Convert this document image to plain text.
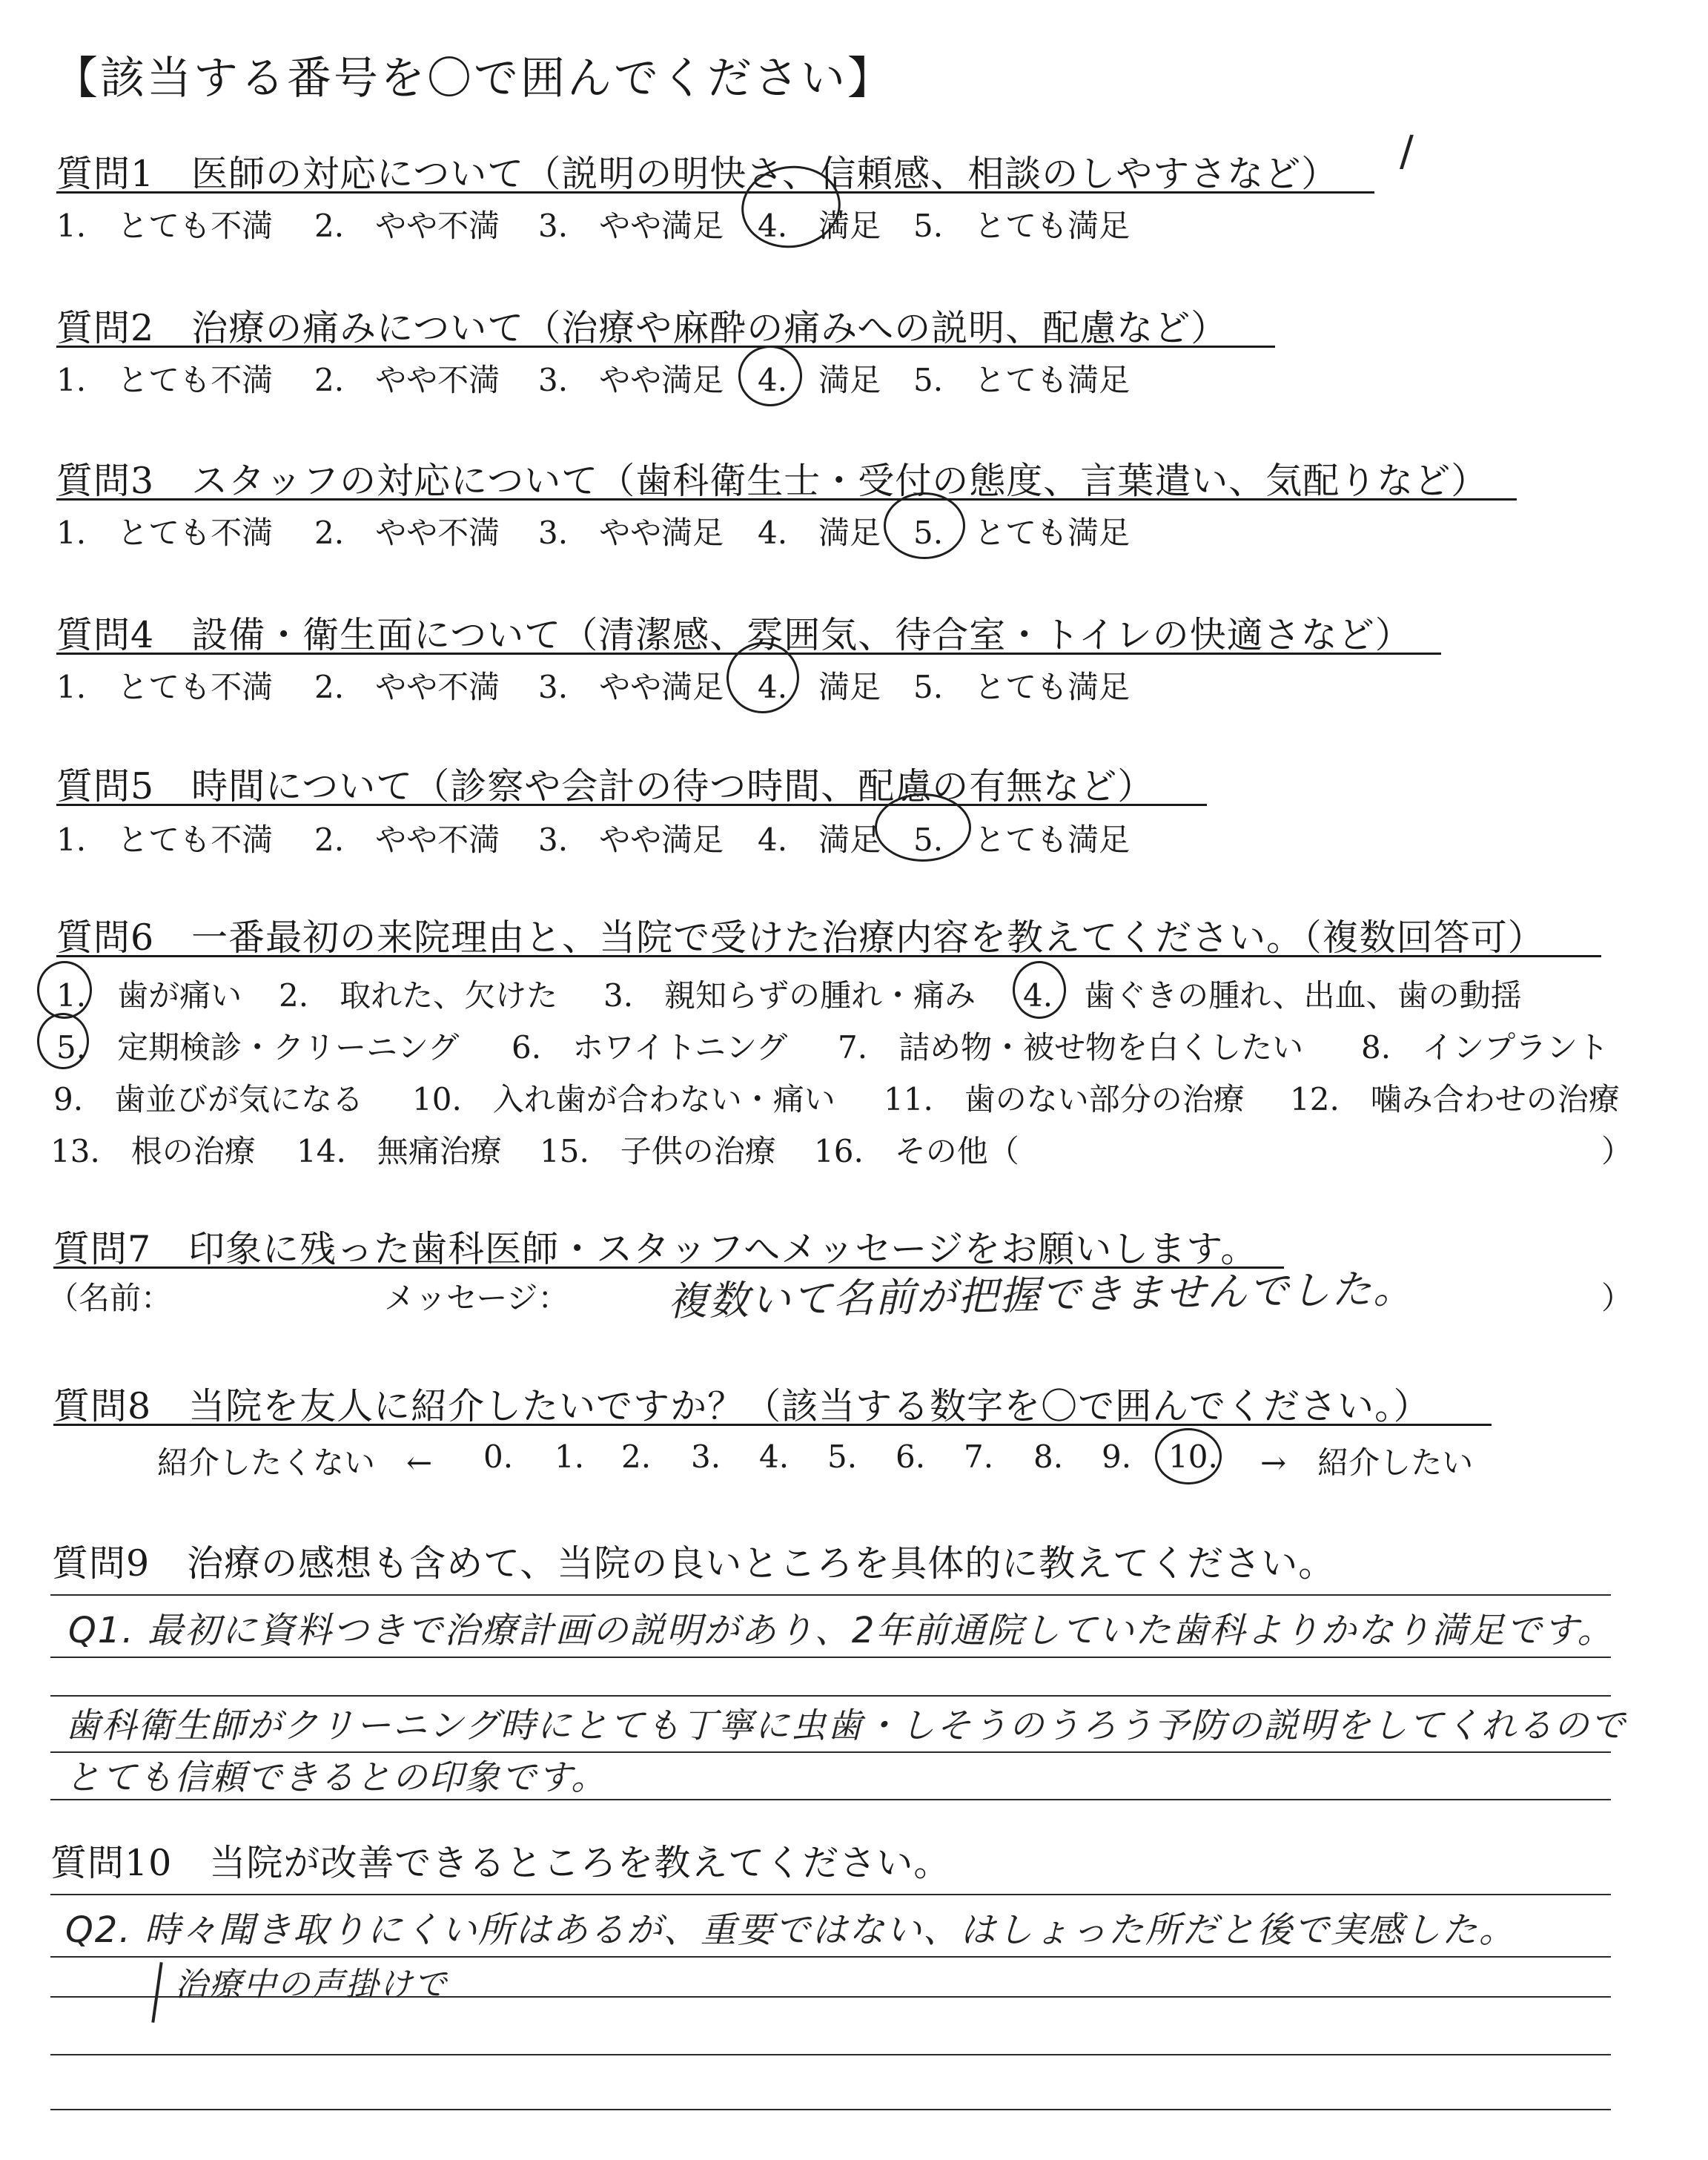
【該当する番号を〇で囲んでください】
質問1　医師の対応について（説明の明快さ、信頼感、相談のしやすさなど） /
1.　とても不満 2.　やや不満 3.　やや満足 4.　満足 5.　とても満足
質問2　治療の痛みについて（治療や麻酔の痛みへの説明、配慮など）
1.　とても不満 2.　やや不満 3.　やや満足 4.　満足 5.　とても満足
質問3　スタッフの対応について（歯科衛生士・受付の態度、言葉遣い、気配りなど）
1.　とても不満 2.　やや不満 3.　やや満足 4.　満足 5.　とても満足
質問4　設備・衛生面について（清潔感、雰囲気、待合室・トイレの快適さなど）
1.　とても不満 2.　やや不満 3.　やや満足 4.　満足 5.　とても満足
質問5　時間について（診察や会計の待つ時間、配慮の有無など）
1.　とても不満 2.　やや不満 3.　やや満足 4.　満足 5.　とても満足
質問6　一番最初の来院理由と、当院で受けた治療内容を教えてください。（複数回答可）
1.　歯が痛い 2.　取れた、欠けた 3.　親知らずの腫れ・痛み 4.　歯ぐきの腫れ、出血、歯の動揺
5.　定期検診・クリーニング 6.　ホワイトニング 7.　詰め物・被せ物を白くしたい 8.　インプラント
9.　歯並びが気になる 10.　入れ歯が合わない・痛い 11.　歯のない部分の治療 12.　噛み合わせの治療
13.　根の治療 14.　無痛治療 15.　子供の治療 16.　その他（	）
質問7　印象に残った歯科医師・スタッフへメッセージをお願いします。
（名前：	メッセージ： 複数いて名前が把握できませんでした。	）
質問8　当院を友人に紹介したいですか？（該当する数字を〇で囲んでください。）
紹介したくない　← 0. 1. 2. 3. 4. 5. 6. 7. 8. 9. 10. →　紹介したい
質問9　治療の感想も含めて、当院の良いところを具体的に教えてください。
Q1. 最初に資料つきで治療計画の説明があり、2年前通院していた歯科よりかなり満足です。
歯科衛生師がクリーニング時にとても丁寧に虫歯・しそうのうろう予防の説明をしてくれるので
とても信頼できるとの印象です。
質問10　当院が改善できるところを教えてください。
Q2. 時々聞き取りにくい所はあるが、重要ではない、はしょった所だと後で実感した。
治療中の声掛けで
